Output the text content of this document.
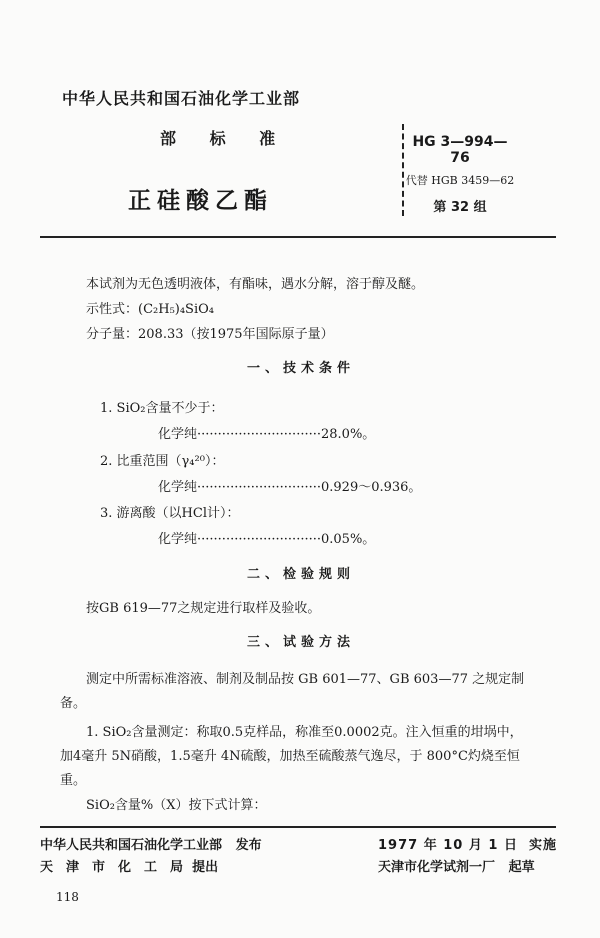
中华人民共和国石油化学工业部
部 标 准
正硅酸乙酯
HG 3—994—76
代替 HGB 3459—62
第 32 组
本试剂为无色透明液体，有酯味，遇水分解，溶于醇及醚。
示性式：(C₂H₅)₄SiO₄
分子量：208.33（按1975年国际原子量）
一、技术条件
1. SiO₂含量不少于：
化学纯······························28.0%。
2. 比重范围（γ₄²⁰）：
化学纯······························0.929～0.936。
3. 游离酸（以HCl计）：
化学纯······························0.05%。
二、检验规则
按GB 619—77之规定进行取样及验收。
三、试验方法
测定中所需标准溶液、制剂及制品按 GB 601—77、GB 603—77 之规定制
备。
1. SiO₂含量测定：称取0.5克样品，称准至0.0002克。注入恒重的坩埚中，
加4毫升 5N硝酸，1.5毫升 4N硫酸，加热至硫酸蒸气逸尽，于 800°C灼烧至恒
重。
SiO₂含量%（X）按下式计算：
中华人民共和国石油化学工业部 发布
天　津　市　化　工　局 提出
1977 年 10 月 1 日 实施
天津市化学试剂一厂 起草
118
